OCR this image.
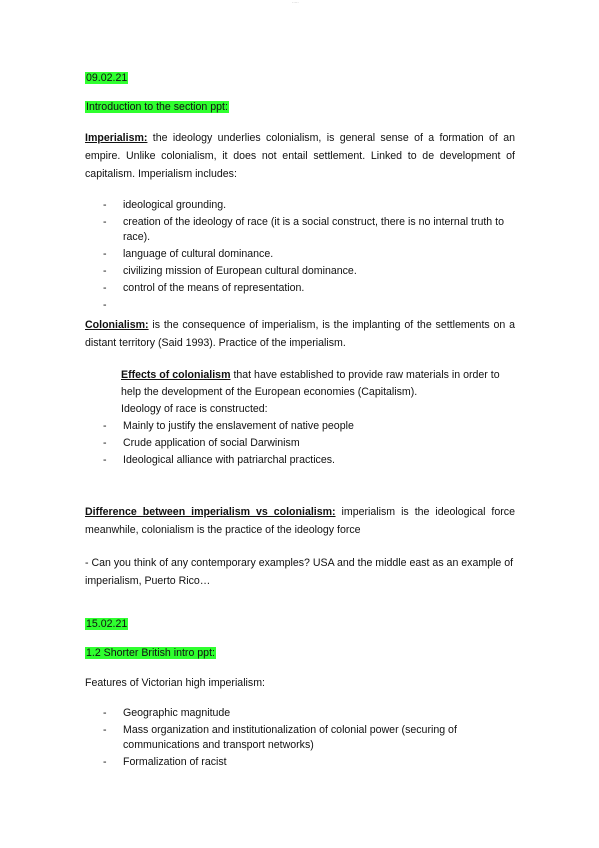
·····
09.02.21
Introduction to the section ppt:
Imperialism: the ideology underlies colonialism, is general sense of a formation of an empire. Unlike colonialism, it does not entail settlement. Linked to de development of capitalism. Imperialism includes:
- ideological grounding.
- creation of the ideology of race (it is a social construct, there is no internal truth to race).
- language of cultural dominance.
- civilizing mission of European cultural dominance.
- control of the means of representation.
-
Colonialism: is the consequence of imperialism, is the implanting of the settlements on a distant territory (Said 1993). Practice of the imperialism.
Effects of colonialism that have established to provide raw materials in order to help the development of the European economies (Capitalism).
Ideology of race is constructed:
- Mainly to justify the enslavement of native people
- Crude application of social Darwinism
- Ideological alliance with patriarchal practices.
Difference between imperialism vs colonialism: imperialism is the ideological force meanwhile, colonialism is the practice of the ideology force
- Can you think of any contemporary examples? USA and the middle east as an example of imperialism, Puerto Rico…
15.02.21
1.2 Shorter British intro ppt:
Features of Victorian high imperialism:
- Geographic magnitude
- Mass organization and institutionalization of colonial power (securing of communications and transport networks)
- Formalization of racist
